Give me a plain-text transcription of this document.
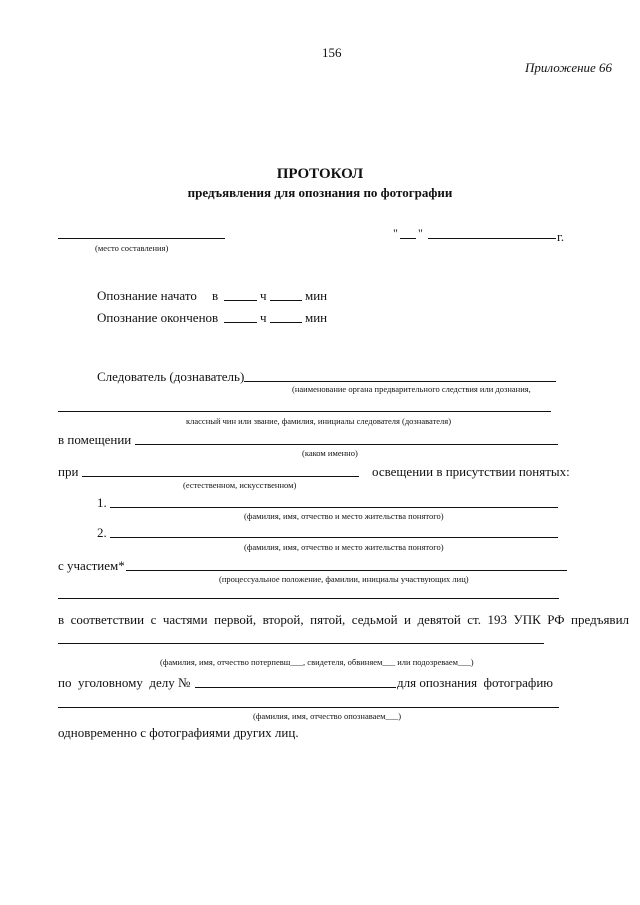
156
Приложение 66
ПРОТОКОЛ
предъявления для опознания по фотографии
(место составления)
" "	г.
Опознание начато в	ч	мин
Опознание окончено в	ч	мин
Следователь (дознаватель)
(наименование органа предварительного следствия или дознания,
классный чин или звание, фамилия, инициалы следователя (дознавателя)
в помещении
(каком именно)
при	освещении в присутствии понятых:
(естественном, искусственном)
1.
(фамилия, имя, отчество и место жительства понятого)
2.
(фамилия, имя, отчество и место жительства понятого)
с участием*
(процессуальное положение, фамилии, инициалы участвующих лиц)
в  соответствии  с  частями  первой,  второй,  пятой,  седьмой  и  девятой  ст.  193  УПК  РФ  предъявил
(фамилия, имя, отчество потерпевш___, свидетеля, обвиняем___ или подозреваем___)
по  уголовному  делу №	для опознания  фотографию
(фамилия, имя, отчество опознаваем___)
одновременно с фотографиями других лиц.
